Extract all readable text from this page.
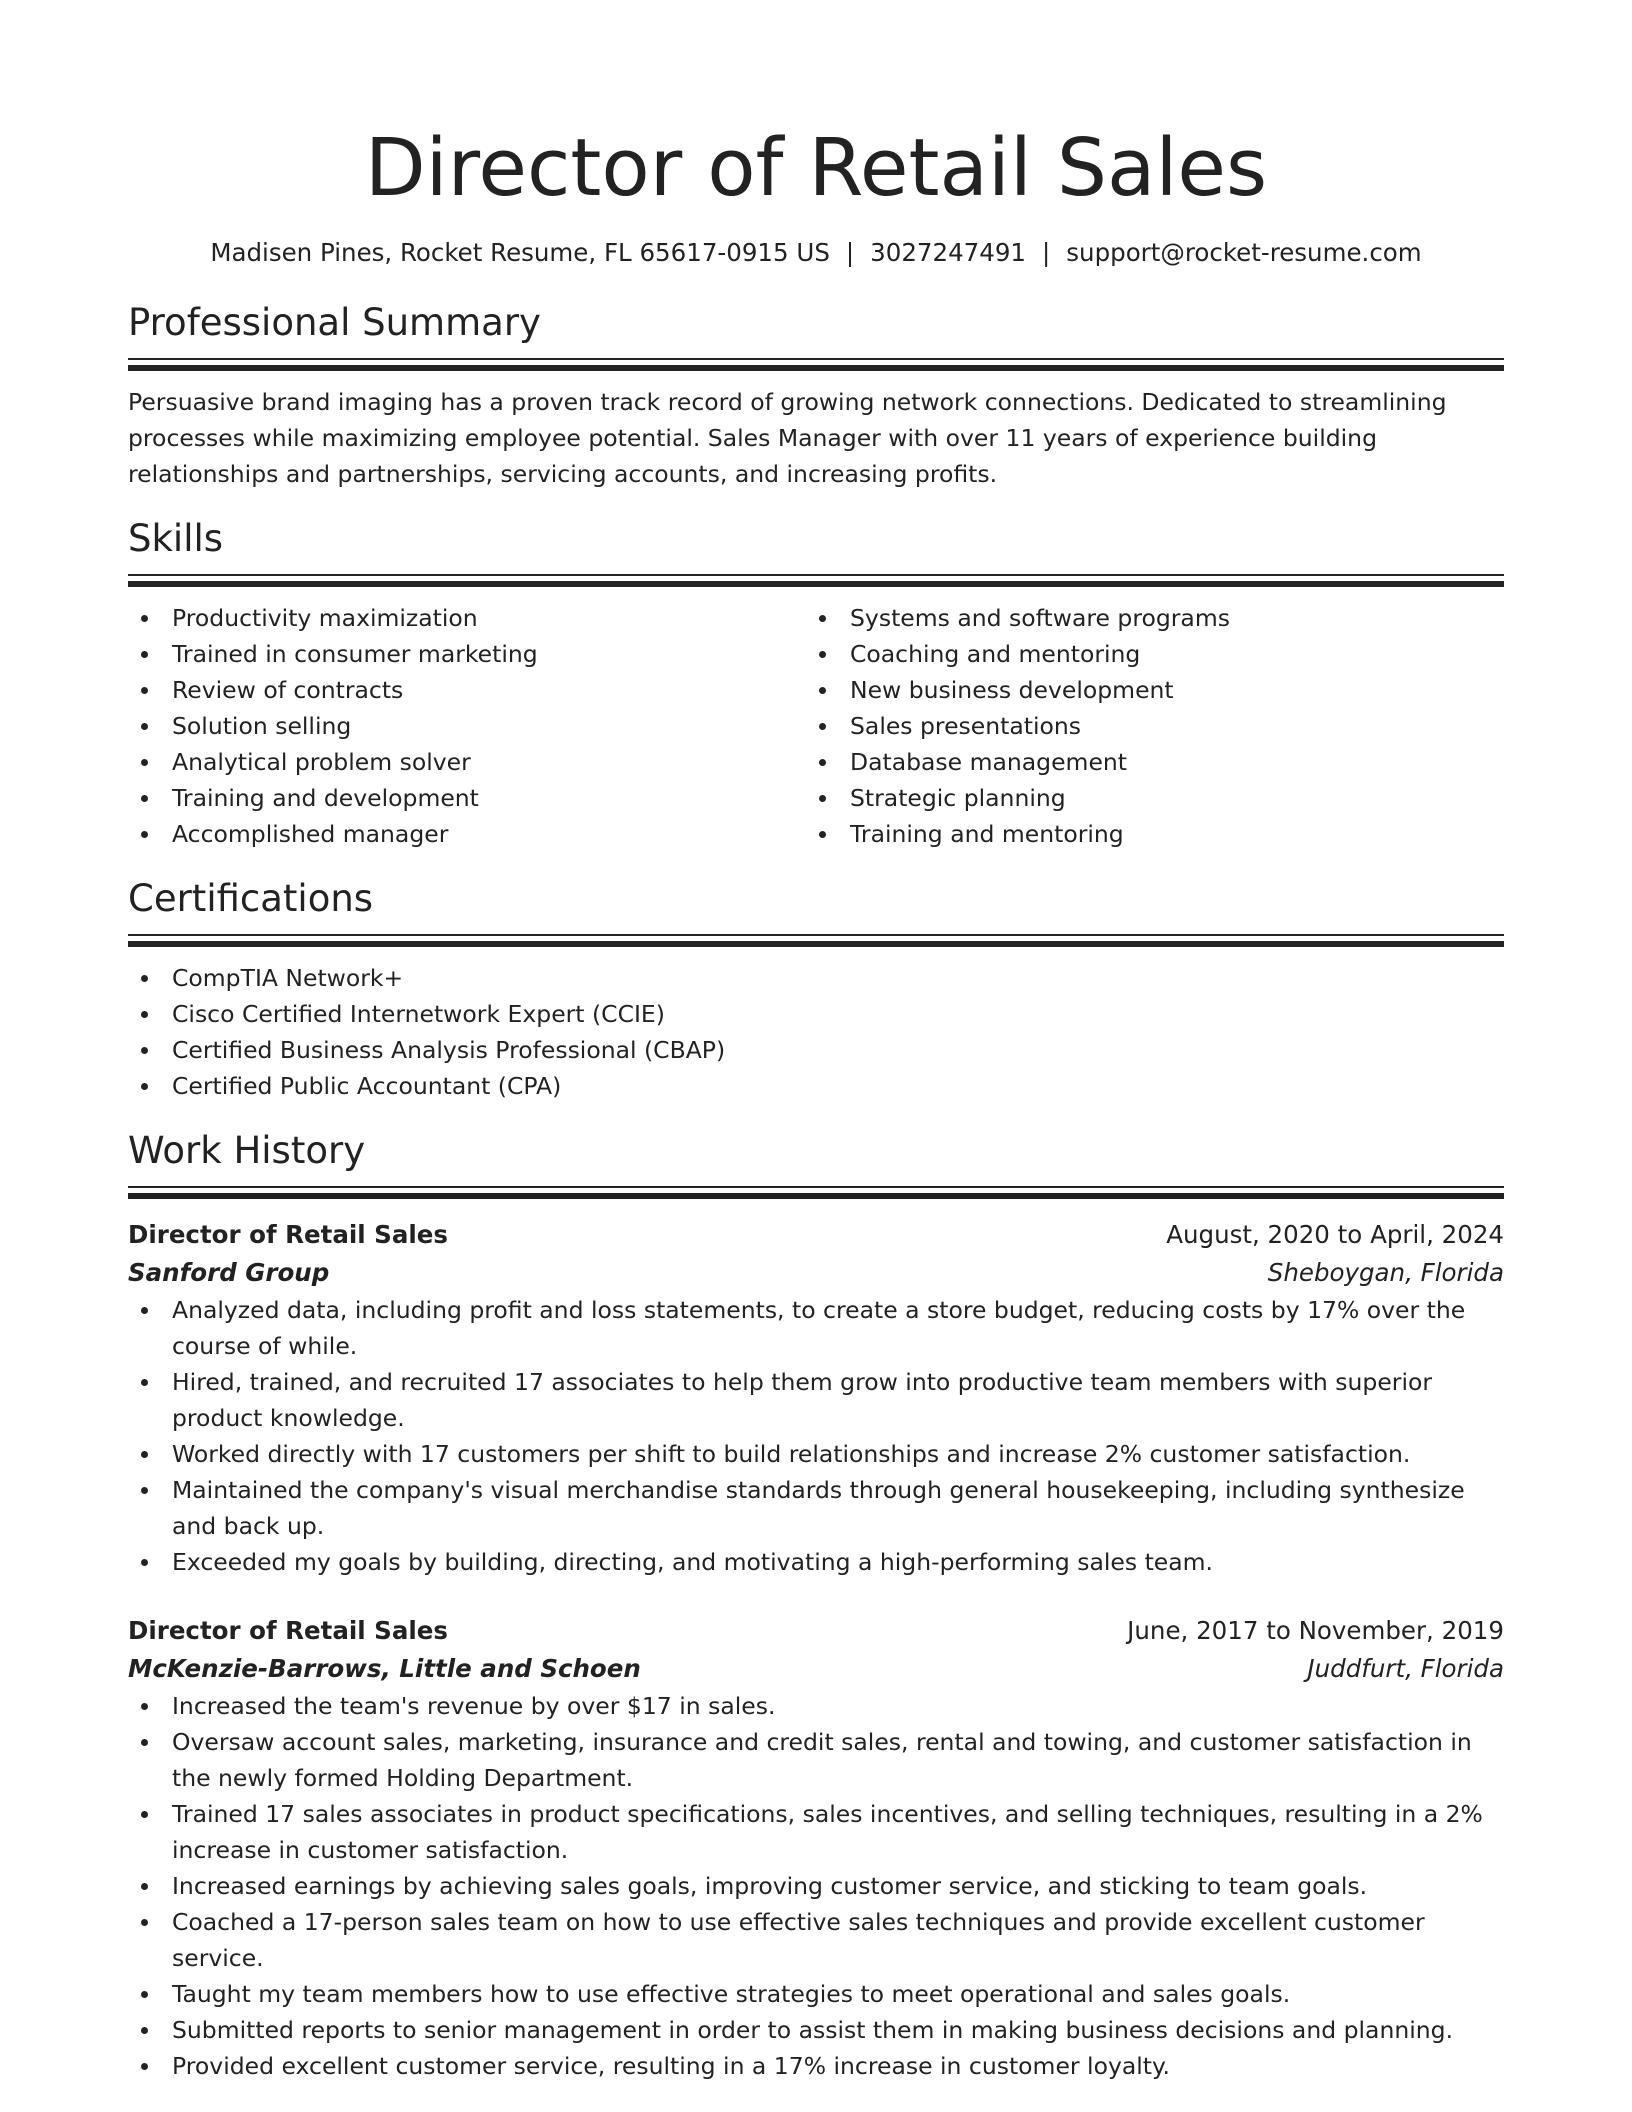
Director of Retail Sales
Madisen Pines, Rocket Resume, FL 65617-0915 US | 3027247491 | support@rocket-resume.com
Professional Summary
Persuasive brand imaging has a proven track record of growing network connections. Dedicated to streamlining processes while maximizing employee potential. Sales Manager with over 11 years of experience building relationships and partnerships, servicing accounts, and increasing profits.
Skills
Productivity maximization
Trained in consumer marketing
Review of contracts
Solution selling
Analytical problem solver
Training and development
Accomplished manager
Systems and software programs
Coaching and mentoring
New business development
Sales presentations
Database management
Strategic planning
Training and mentoring
Certifications
CompTIA Network+
Cisco Certified Internetwork Expert (CCIE)
Certified Business Analysis Professional (CBAP)
Certified Public Accountant (CPA)
Work History
Director of Retail Sales	August, 2020 to April, 2024
Sanford Group	Sheboygan, Florida
Analyzed data, including profit and loss statements, to create a store budget, reducing costs by 17% over the course of while.
Hired, trained, and recruited 17 associates to help them grow into productive team members with superior product knowledge.
Worked directly with 17 customers per shift to build relationships and increase 2% customer satisfaction.
Maintained the company's visual merchandise standards through general housekeeping, including synthesize and back up.
Exceeded my goals by building, directing, and motivating a high-performing sales team.
Director of Retail Sales	June, 2017 to November, 2019
McKenzie-Barrows, Little and Schoen	Juddfurt, Florida
Increased the team's revenue by over $17 in sales.
Oversaw account sales, marketing, insurance and credit sales, rental and towing, and customer satisfaction in the newly formed Holding Department.
Trained 17 sales associates in product specifications, sales incentives, and selling techniques, resulting in a 2% increase in customer satisfaction.
Increased earnings by achieving sales goals, improving customer service, and sticking to team goals.
Coached a 17-person sales team on how to use effective sales techniques and provide excellent customer service.
Taught my team members how to use effective strategies to meet operational and sales goals.
Submitted reports to senior management in order to assist them in making business decisions and planning.
Provided excellent customer service, resulting in a 17% increase in customer loyalty.
